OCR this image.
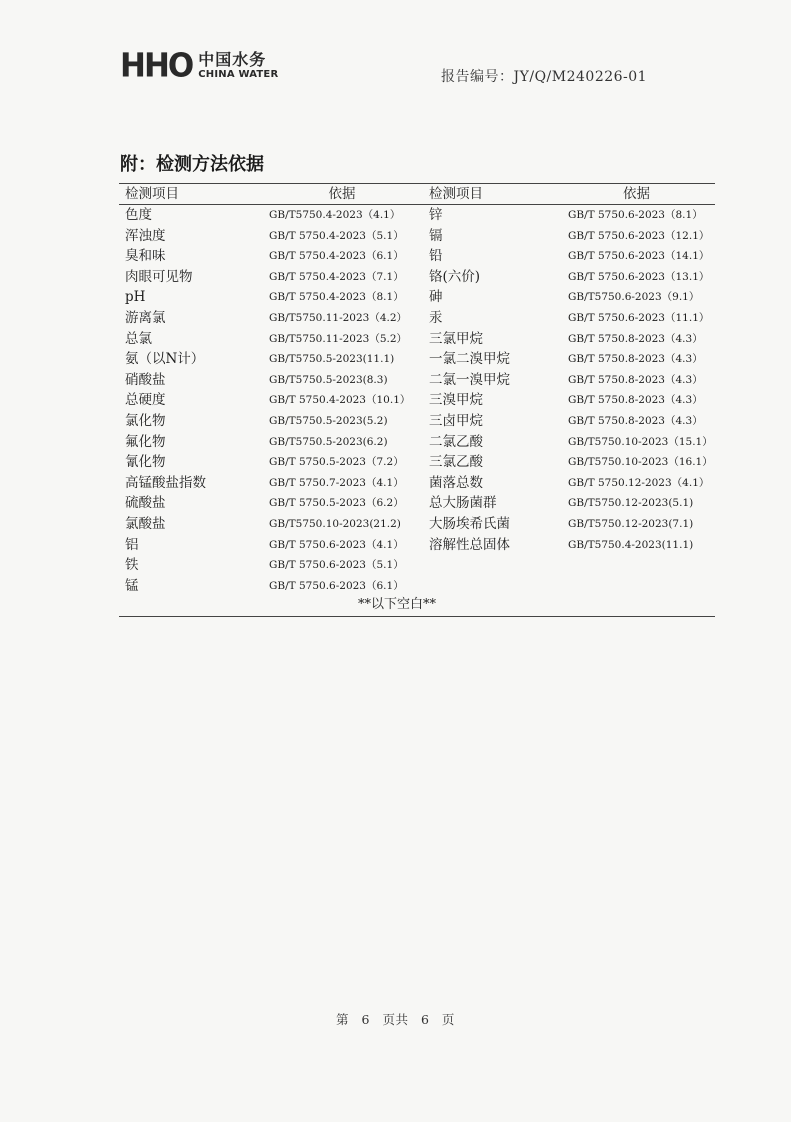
HHO 中国水务
CHINA WATER	报告编号：JY/Q/M240226-01
附：检测方法依据
检测项目	依据	检测项目	依据
色度	GB/T5750.4-2023（4.1）	锌	GB/T 5750.6-2023（8.1）
浑浊度	GB/T 5750.4-2023（5.1）	镉	GB/T 5750.6-2023（12.1）
臭和味	GB/T 5750.4-2023（6.1）	铅	GB/T 5750.6-2023（14.1）
肉眼可见物	GB/T 5750.4-2023（7.1）	铬(六价)	GB/T 5750.6-2023（13.1）
pH	GB/T 5750.4-2023（8.1）	砷	GB/T5750.6-2023（9.1）
游离氯	GB/T5750.11-2023（4.2）	汞	GB/T 5750.6-2023（11.1）
总氯	GB/T5750.11-2023（5.2）	三氯甲烷	GB/T 5750.8-2023（4.3）
氨（以N计）	GB/T5750.5-2023(11.1)	一氯二溴甲烷	GB/T 5750.8-2023（4.3）
硝酸盐	GB/T5750.5-2023(8.3)	二氯一溴甲烷	GB/T 5750.8-2023（4.3）
总硬度	GB/T 5750.4-2023（10.1）	三溴甲烷	GB/T 5750.8-2023（4.3）
氯化物	GB/T5750.5-2023(5.2)	三卤甲烷	GB/T 5750.8-2023（4.3）
氟化物	GB/T5750.5-2023(6.2)	二氯乙酸	GB/T5750.10-2023（15.1）
氰化物	GB/T 5750.5-2023（7.2）	三氯乙酸	GB/T5750.10-2023（16.1）
高锰酸盐指数	GB/T 5750.7-2023（4.1）	菌落总数	GB/T 5750.12-2023（4.1）
硫酸盐	GB/T 5750.5-2023（6.2）	总大肠菌群	GB/T5750.12-2023(5.1)
氯酸盐	GB/T5750.10-2023(21.2)	大肠埃希氏菌	GB/T5750.12-2023(7.1)
铝	GB/T 5750.6-2023（4.1）	溶解性总固体	GB/T5750.4-2023(11.1)
铁	GB/T 5750.6-2023（5.1）
锰	GB/T 5750.6-2023（6.1）
**以下空白**
第 6 页共 6 页
